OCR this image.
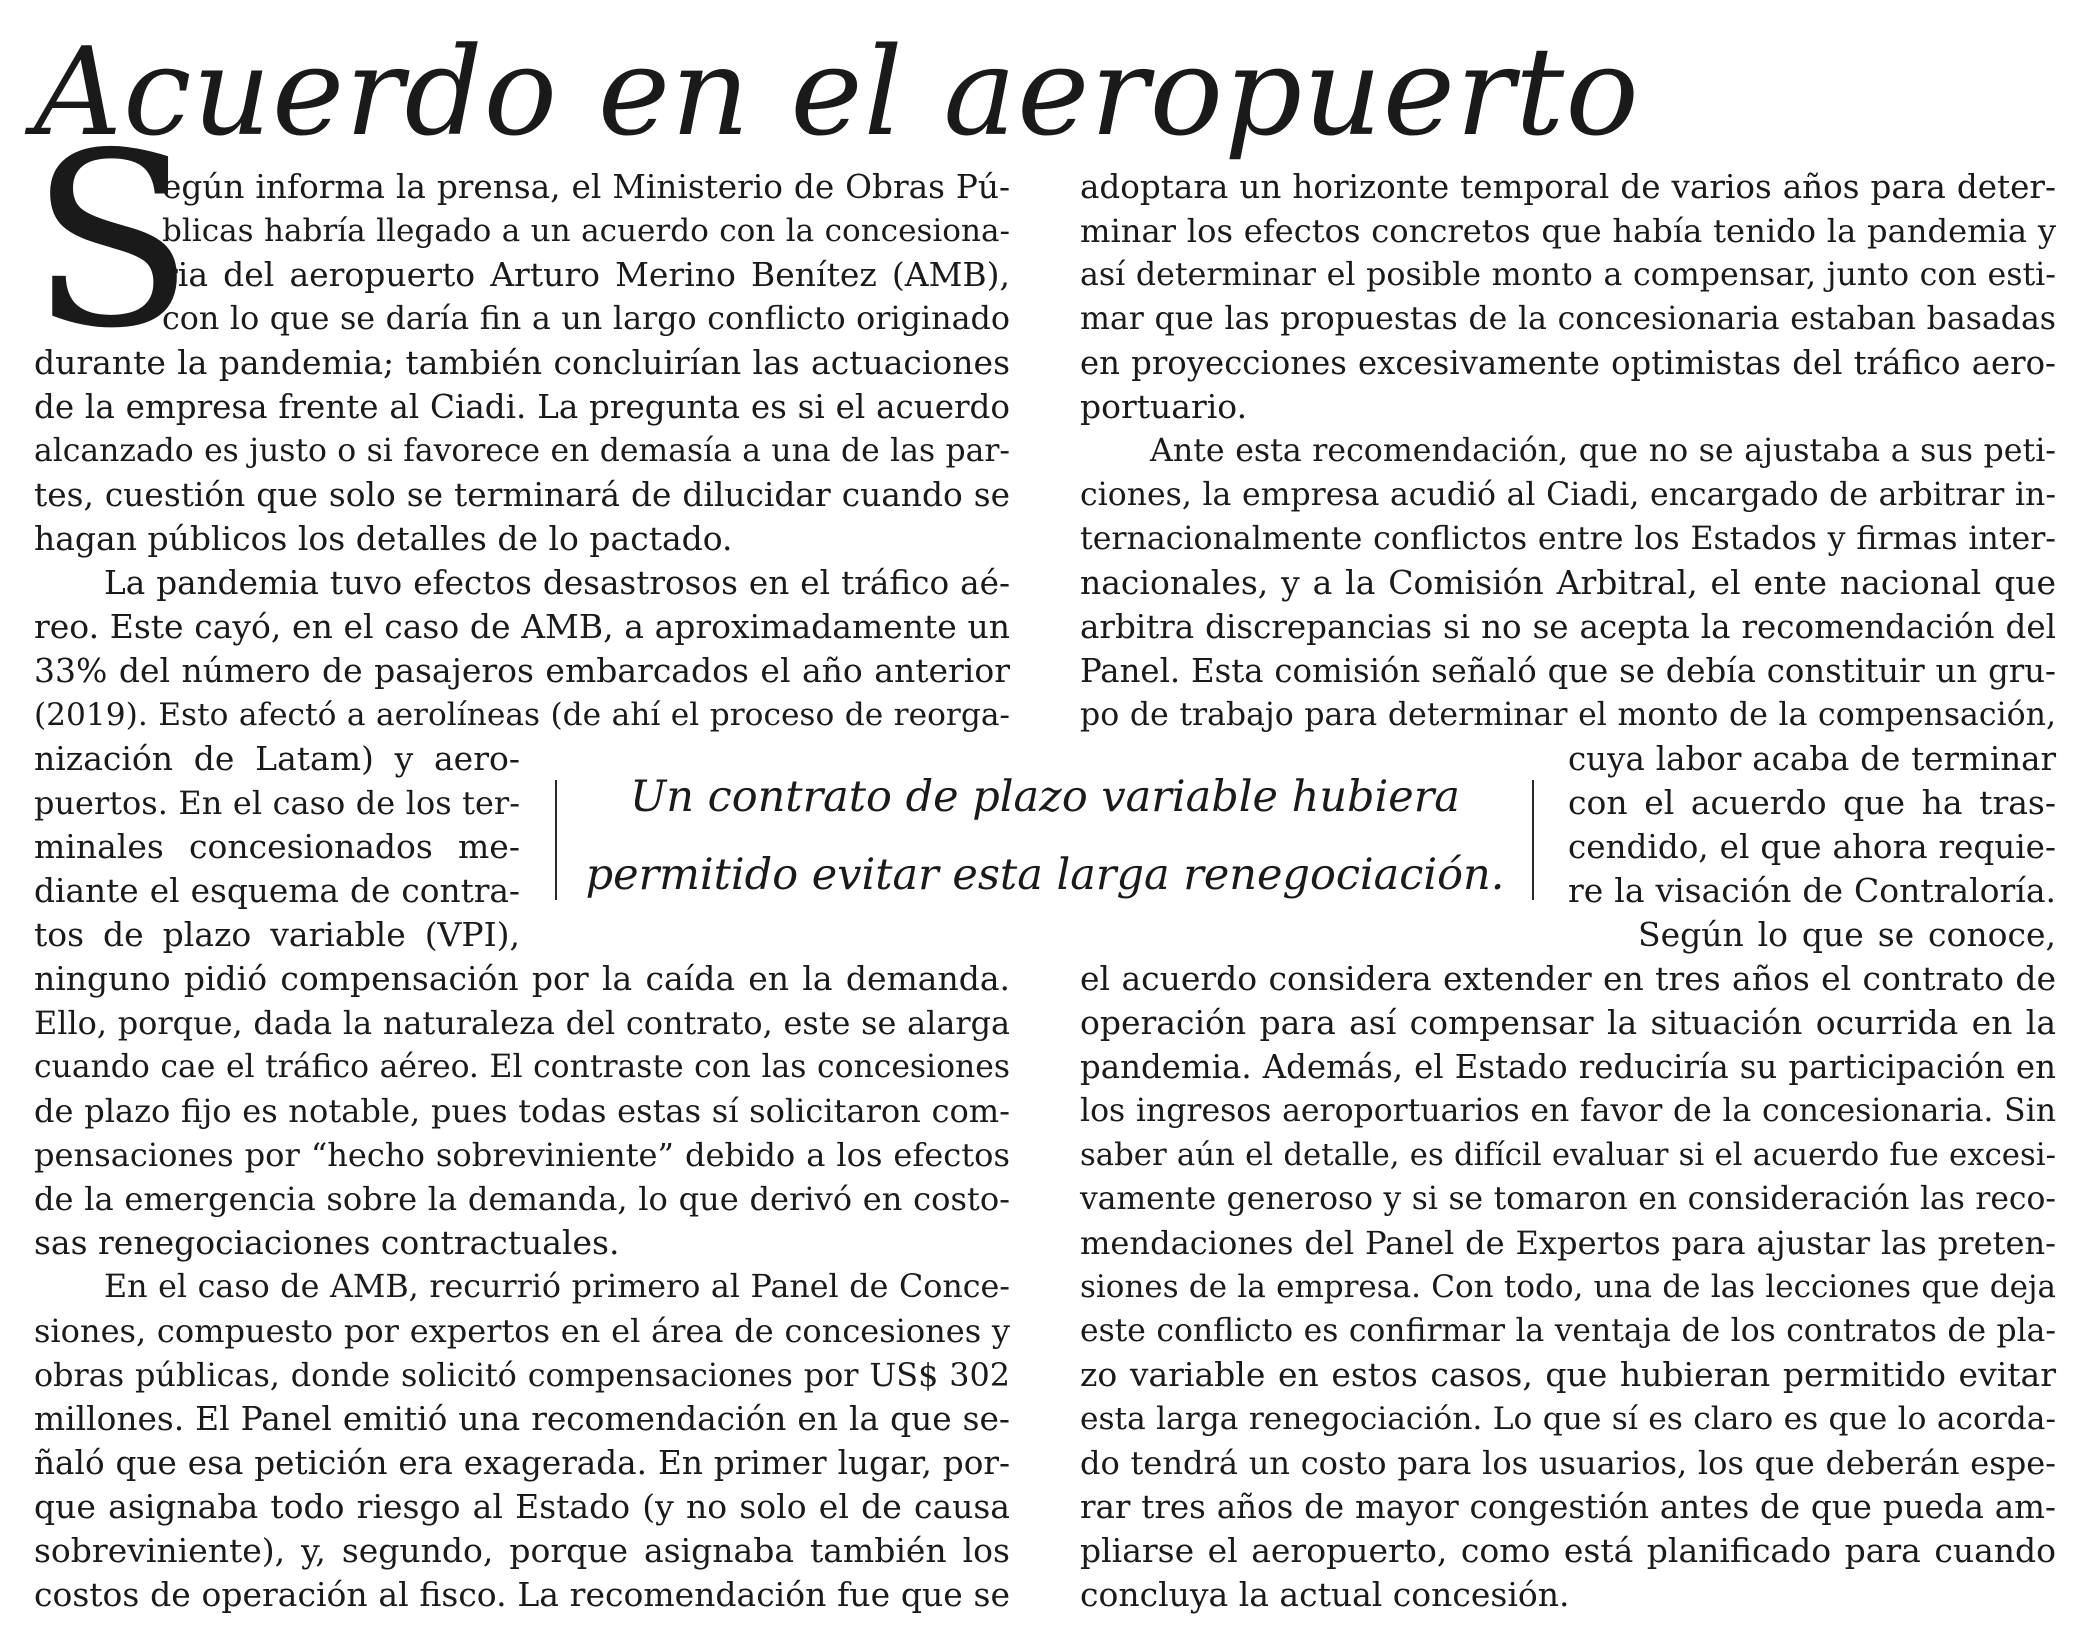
Acuerdo en el aeropuerto
S

egún informa la prensa, el Ministerio de Obras Pú-

blicas habría llegado a un acuerdo con la concesiona-

ria del aeropuerto Arturo Merino Benítez (AMB),

con lo que se daría fin a un largo conflicto originado

durante la pandemia; también concluirían las actuaciones

de la empresa frente al Ciadi. La pregunta es si el acuerdo

alcanzado es justo o si favorece en demasía a una de las par-

tes, cuestión que solo se terminará de dilucidar cuando se

hagan públicos los detalles de lo pactado.

La pandemia tuvo efectos desastrosos en el tráfico aé-

reo. Este cayó, en el caso de AMB, a aproximadamente un

33% del número de pasajeros embarcados el año anterior

(2019). Esto afectó a aerolíneas (de ahí el proceso de reorga-

nización de Latam) y aero-

puertos. En el caso de los ter-

minales concesionados me-

diante el esquema de contra-

tos de plazo variable (VPI),

ninguno pidió compensación por la caída en la demanda.

Ello, porque, dada la naturaleza del contrato, este se alarga

cuando cae el tráfico aéreo. El contraste con las concesiones

de plazo fijo es notable, pues todas estas sí solicitaron com-

pensaciones por “hecho sobreviniente” debido a los efectos

de la emergencia sobre la demanda, lo que derivó en costo-

sas renegociaciones contractuales.

En el caso de AMB, recurrió primero al Panel de Conce-

siones, compuesto por expertos en el área de concesiones y

obras públicas, donde solicitó compensaciones por US$ 302

millones. El Panel emitió una recomendación en la que se-

ñaló que esa petición era exagerada. En primer lugar, por-

que asignaba todo riesgo al Estado (y no solo el de causa

sobreviniente), y, segundo, porque asignaba también los

costos de operación al fisco. La recomendación fue que se

adoptara un horizonte temporal de varios años para deter-

minar los efectos concretos que había tenido la pandemia y

así determinar el posible monto a compensar, junto con esti-

mar que las propuestas de la concesionaria estaban basadas

en proyecciones excesivamente optimistas del tráfico aero-

portuario.

Ante esta recomendación, que no se ajustaba a sus peti-

ciones, la empresa acudió al Ciadi, encargado de arbitrar in-

ternacionalmente conflictos entre los Estados y firmas inter-

nacionales, y a la Comisión Arbitral, el ente nacional que

arbitra discrepancias si no se acepta la recomendación del

Panel. Esta comisión señaló que se debía constituir un gru-

po de trabajo para determinar el monto de la compensación,

cuya labor acaba de terminar

con el acuerdo que ha tras-

cendido, el que ahora requie-

re la visación de Contraloría.

Según lo que se conoce,

el acuerdo considera extender en tres años el contrato de

operación para así compensar la situación ocurrida en la

pandemia. Además, el Estado reduciría su participación en

los ingresos aeroportuarios en favor de la concesionaria. Sin

saber aún el detalle, es difícil evaluar si el acuerdo fue excesi-

vamente generoso y si se tomaron en consideración las reco-

mendaciones del Panel de Expertos para ajustar las preten-

siones de la empresa. Con todo, una de las lecciones que deja

este conflicto es confirmar la ventaja de los contratos de pla-

zo variable en estos casos, que hubieran permitido evitar

esta larga renegociación. Lo que sí es claro es que lo acorda-

do tendrá un costo para los usuarios, los que deberán espe-

rar tres años de mayor congestión antes de que pueda am-

pliarse el aeropuerto, como está planificado para cuando

concluya la actual concesión.

Un contrato de plazo variable hubiera

permitido evitar esta larga renegociación.
